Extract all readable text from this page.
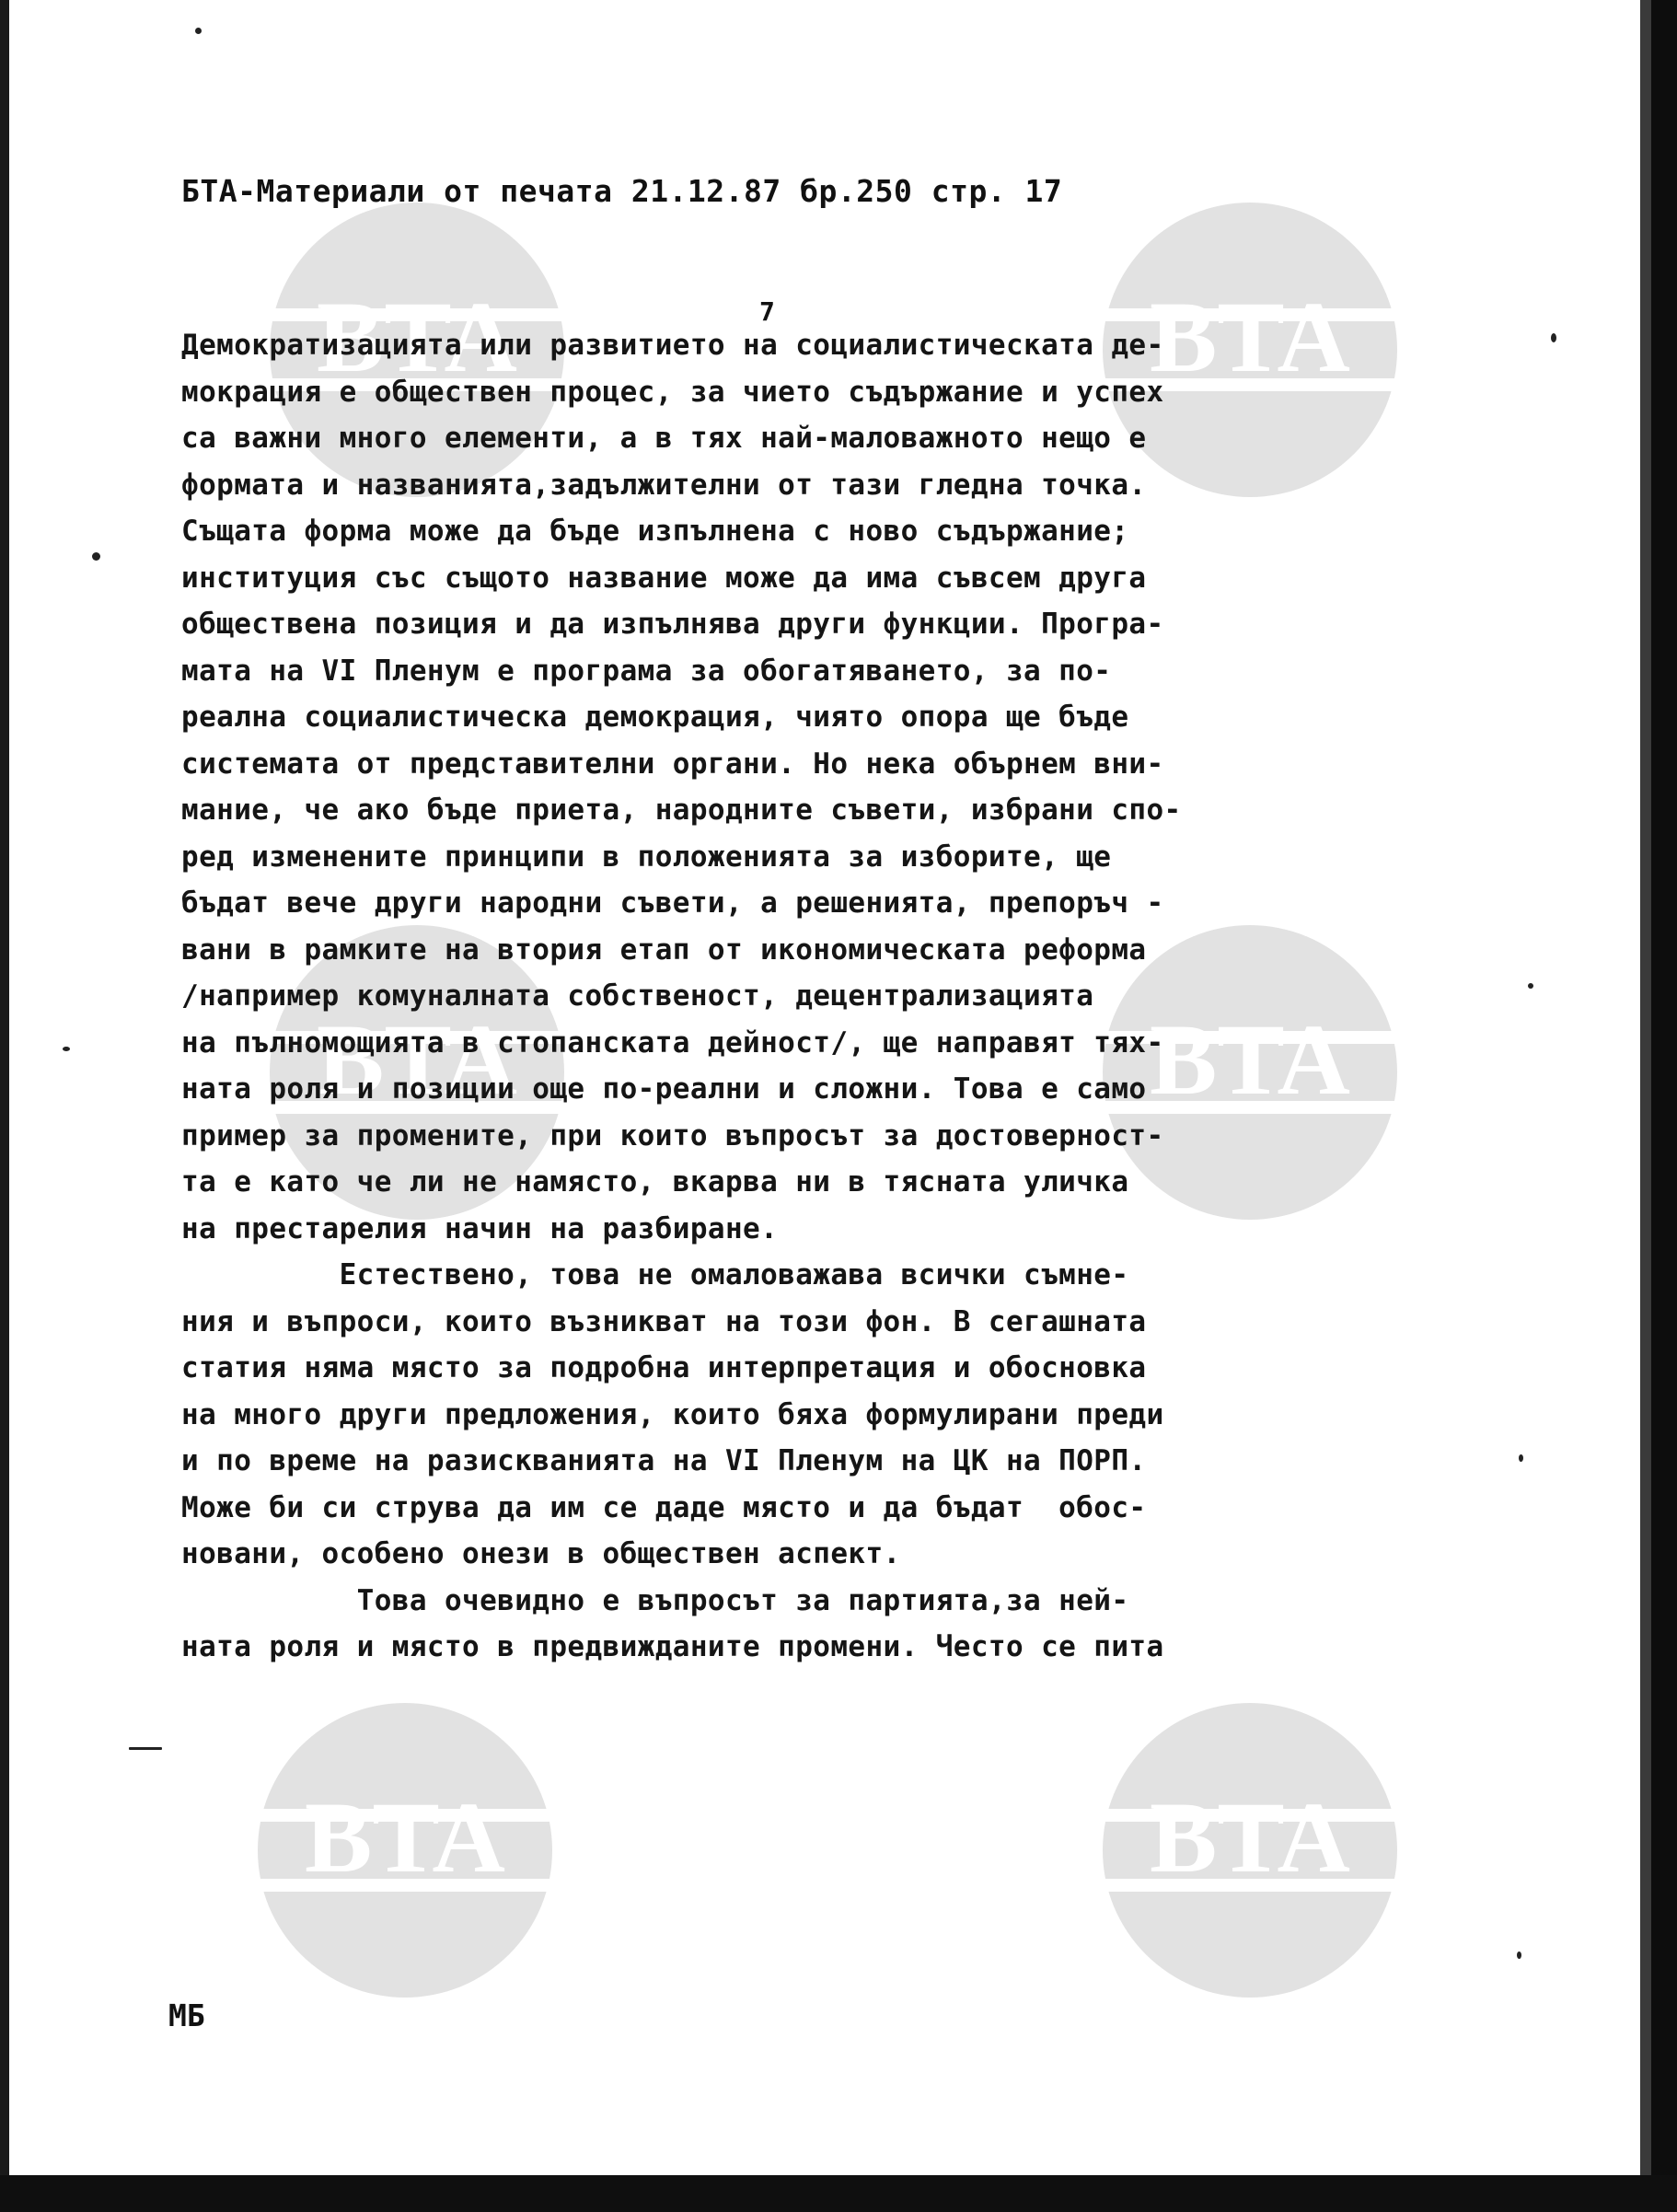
BTA	BTA
BTA	BTA
BTA	BTA
БТА-Материали от печата 21.12.87 бр.250 стр. 17
7
Демократизацията или развитието на социалистическата де-
мокрация е обществен процес, за чието съдържание и успех
са важни много елементи, а в тях най-маловажното нещо е
формата и названията,задължителни от тази гледна точка.
Същата форма може да бъде изпълнена с ново съдържание;
институция със същото название може да има съвсем друга
обществена позиция и да изпълнява други функции. Програ-
мата на VI Пленум е програма за обогатяването, за по-
реална социалистическа демокрация, чиято опора ще бъде
системата от представителни органи. Но нека обърнем вни-
мание, че ако бъде приета, народните съвети, избрани спо-
ред изменените принципи в положенията за изборите, ще
бъдат вече други народни съвети, а решенията, препоръч -
вани в рамките на втория етап от икономическата реформа
/например комуналната собственост, децентрализацията
на пълномощията в стопанската дейност/, ще направят тях-
ната роля и позиции още по-реални и сложни. Това е само
пример за промените, при които въпросът за достоверност-
та е като че ли не намясто, вкарва ни в тясната уличка
на престарелия начин на разбиране.
Естествено, това не омаловажава всички съмне-
ния и въпроси, които възникват на този фон. В сегашната
статия няма място за подробна интерпретация и обосновка
на много други предложения, които бяха формулирани преди
и по време на разискванията на VI Пленум на ЦК на ПОРП.
Може би си струва да им се даде място и да бъдат  обос-
новани, особено онези в обществен аспект.
Това очевидно е въпросът за партията,за ней-
ната роля и място в предвижданите промени. Често се пита
МБ
